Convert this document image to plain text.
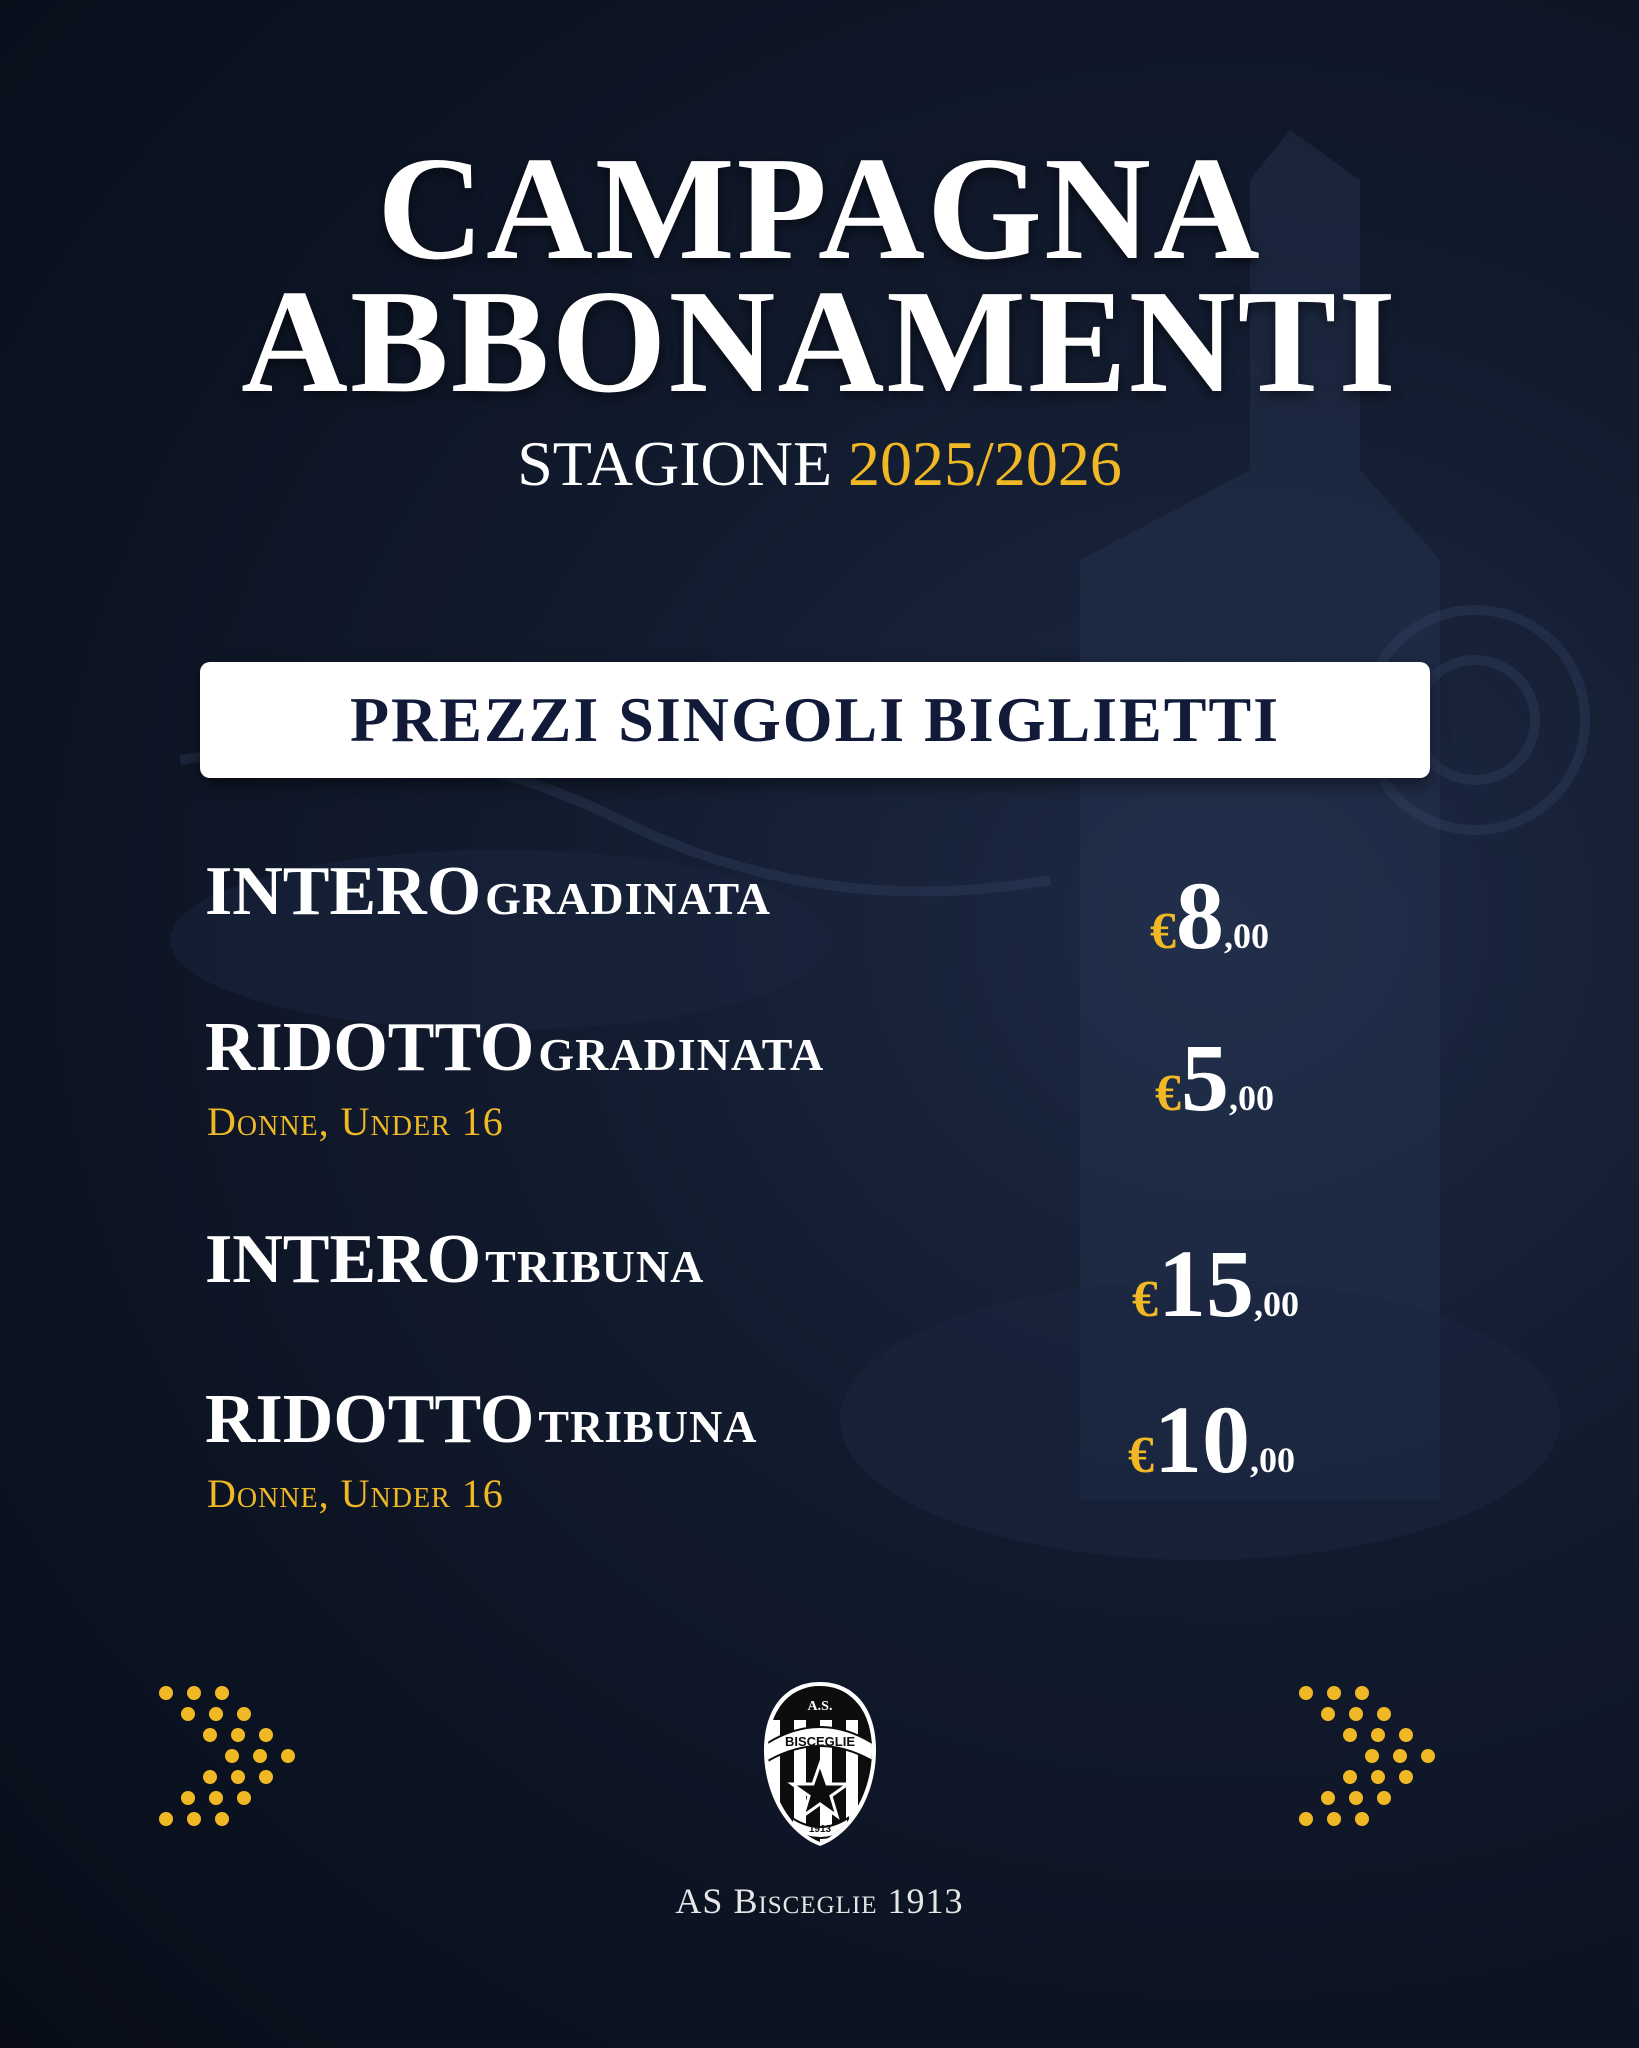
CAMPAGNA
ABBONAMENTI
STAGIONE 2025/2026
PREZZI SINGOLI BIGLIETTI
INTERO GRADINATA
€8,00
RIDOTTO GRADINATA
Donne, Under 16	€5,00
INTERO TRIBUNA
€15,00
RIDOTTO TRIBUNA
Donne, Under 16
€10,00
A.S.
BISCEGLIE
1913
AS Bisceglie 1913
